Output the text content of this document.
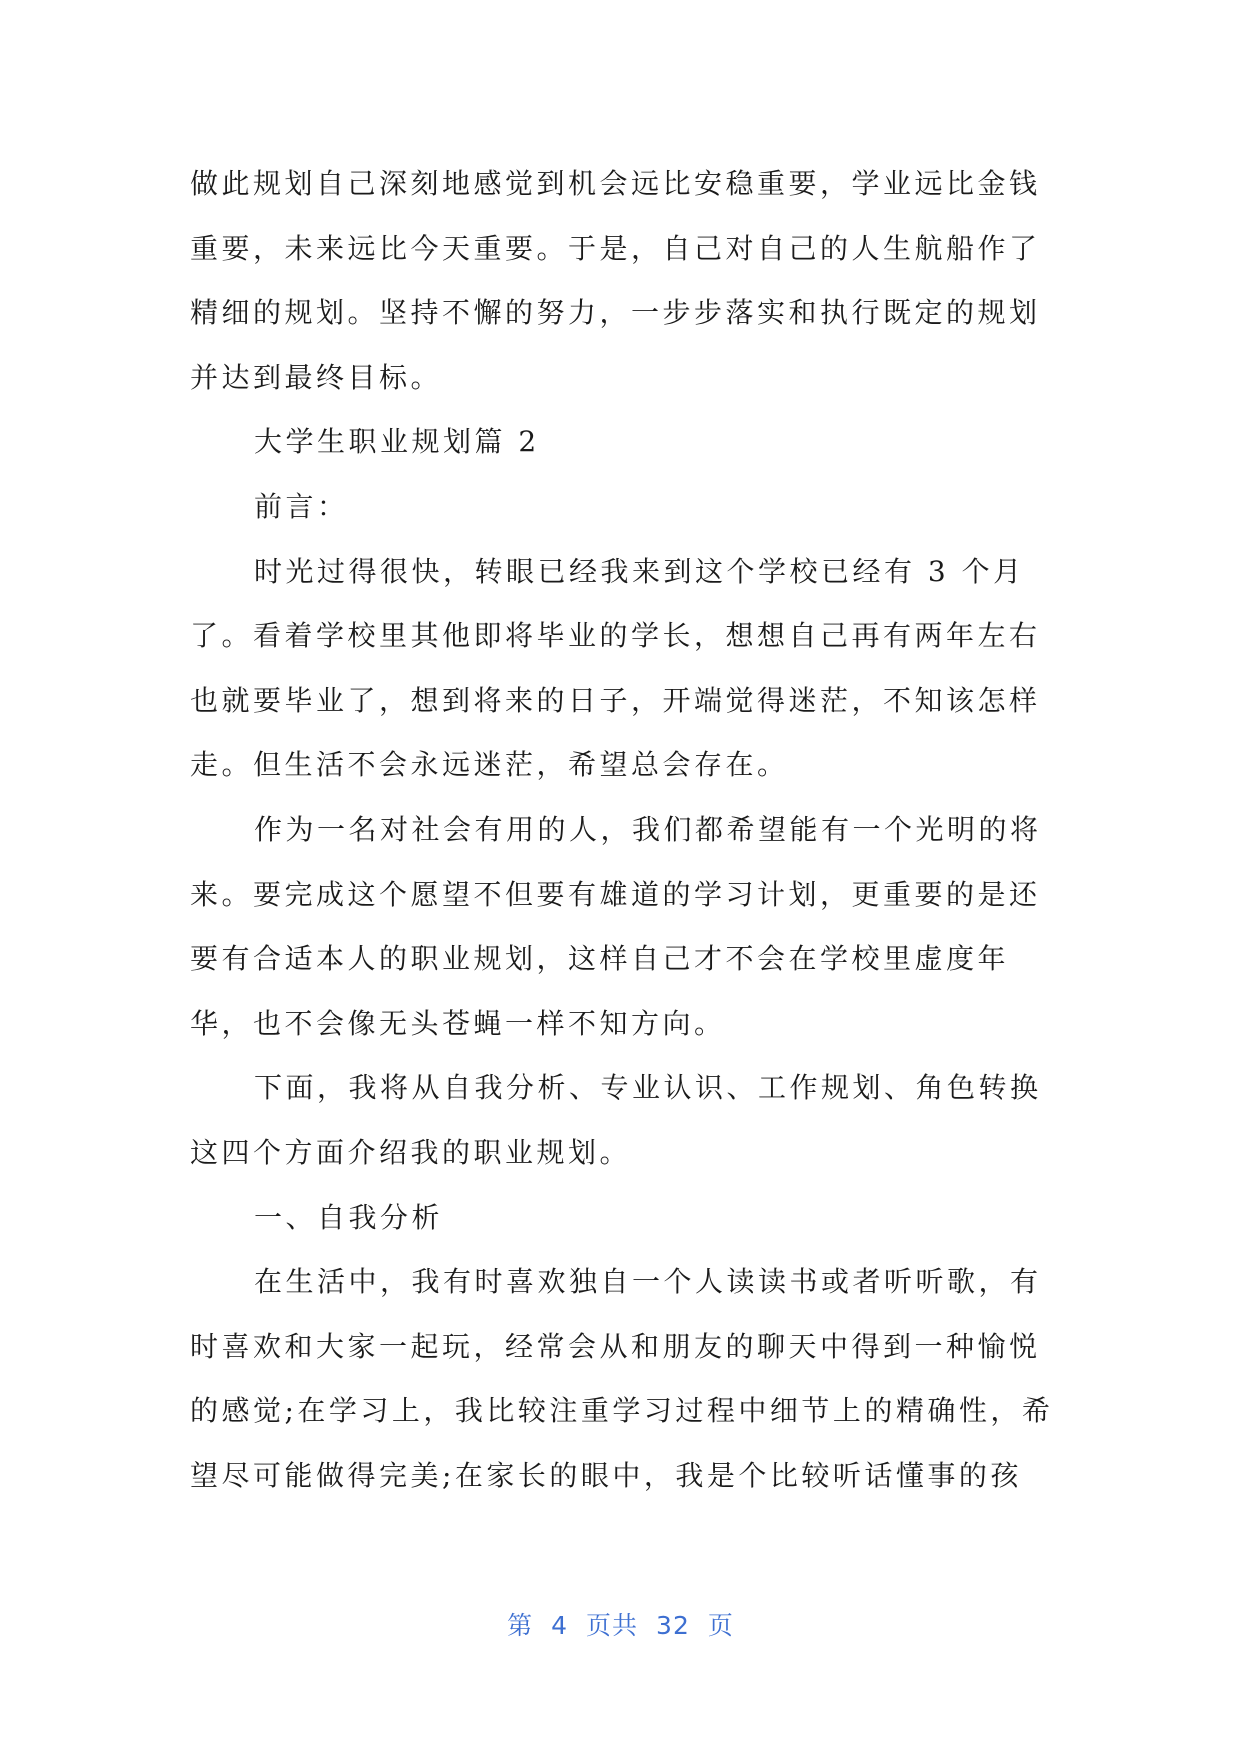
做此规划自己深刻地感觉到机会远比安稳重要，学业远比金钱
重要，未来远比今天重要。于是，自己对自己的人生航船作了
精细的规划。坚持不懈的努力，一步步落实和执行既定的规划
并达到最终目标。
大学生职业规划篇 2
前言：
时光过得很快，转眼已经我来到这个学校已经有 3 个月
了。看着学校里其他即将毕业的学长，想想自己再有两年左右
也就要毕业了，想到将来的日子，开端觉得迷茫，不知该怎样
走。但生活不会永远迷茫，希望总会存在。
作为一名对社会有用的人，我们都希望能有一个光明的将
来。要完成这个愿望不但要有雄道的学习计划，更重要的是还
要有合适本人的职业规划，这样自己才不会在学校里虚度年
华，也不会像无头苍蝇一样不知方向。
下面，我将从自我分析、专业认识、工作规划、角色转换
这四个方面介绍我的职业规划。
一、自我分析
在生活中，我有时喜欢独自一个人读读书或者听听歌，有
时喜欢和大家一起玩，经常会从和朋友的聊天中得到一种愉悦
的感觉;在学习上，我比较注重学习过程中细节上的精确性，希
望尽可能做得完美;在家长的眼中，我是个比较听话懂事的孩
第 4 页共 32 页
